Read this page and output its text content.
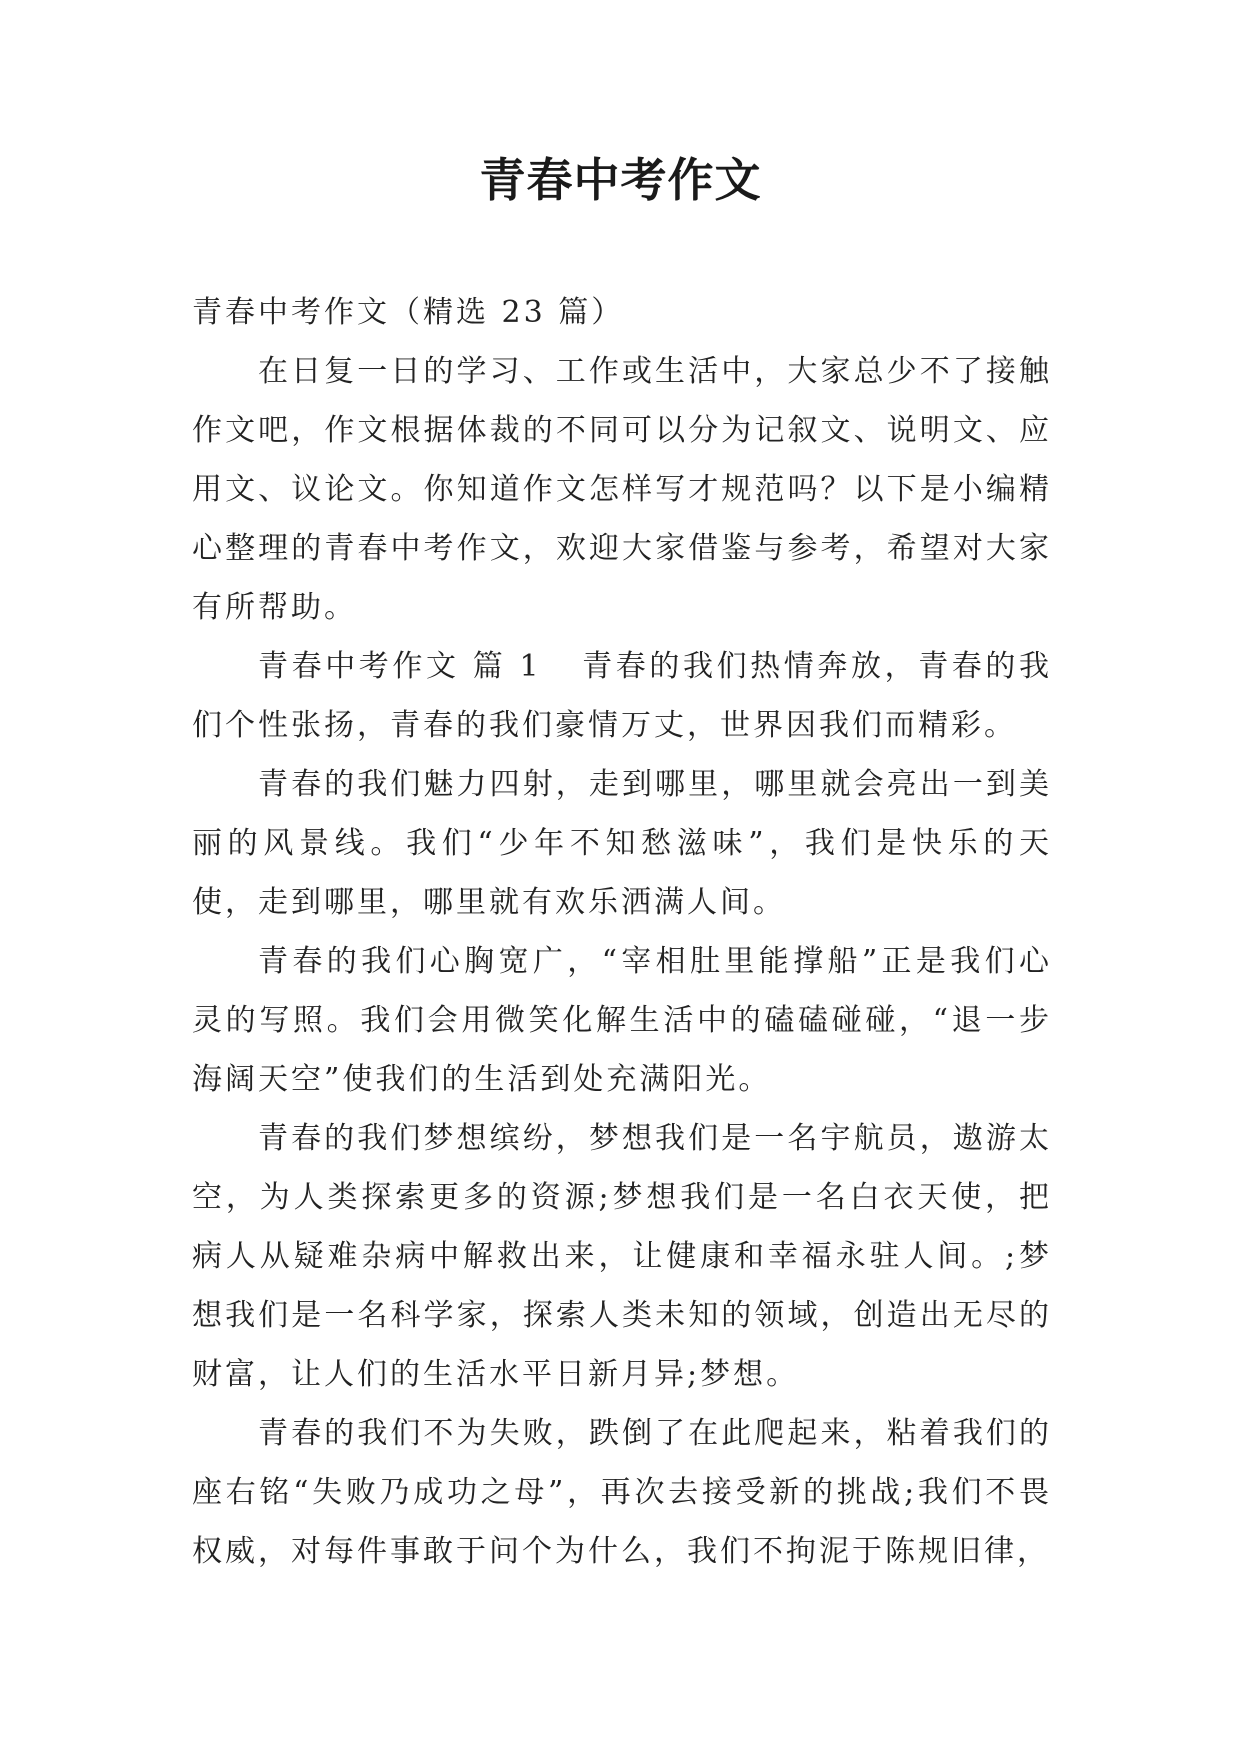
青春中考作文

青春中考作文（精选 23 篇）

在日复一日的学习、工作或生活中，大家总少不了接触作文吧，作文根据体裁的不同可以分为记叙文、说明文、应用文、议论文。你知道作文怎样写才规范吗？以下是小编精心整理的青春中考作文，欢迎大家借鉴与参考，希望对大家有所帮助。

青春中考作文 篇 1 青春的我们热情奔放，青春的我们个性张扬，青春的我们豪情万丈，世界因我们而精彩。

青春的我们魅力四射，走到哪里，哪里就会亮出一到美丽的风景线。我们“少年不知愁滋味”，我们是快乐的天使，走到哪里，哪里就有欢乐洒满人间。

青春的我们心胸宽广，“宰相肚里能撑船”正是我们心灵的写照。我们会用微笑化解生活中的磕磕碰碰，“退一步海阔天空”使我们的生活到处充满阳光。

青春的我们梦想缤纷，梦想我们是一名宇航员，遨游太空，为人类探索更多的资源;梦想我们是一名白衣天使，把病人从疑难杂病中解救出来，让健康和幸福永驻人间。;梦想我们是一名科学家，探索人类未知的领域，创造出无尽的财富，让人们的生活水平日新月异;梦想。

青春的我们不为失败，跌倒了在此爬起来，粘着我们的座右铭“失败乃成功之母”，再次去接受新的挑战;我们不畏权威，对每件事敢于问个为什么，我们不拘泥于陈规旧律，
